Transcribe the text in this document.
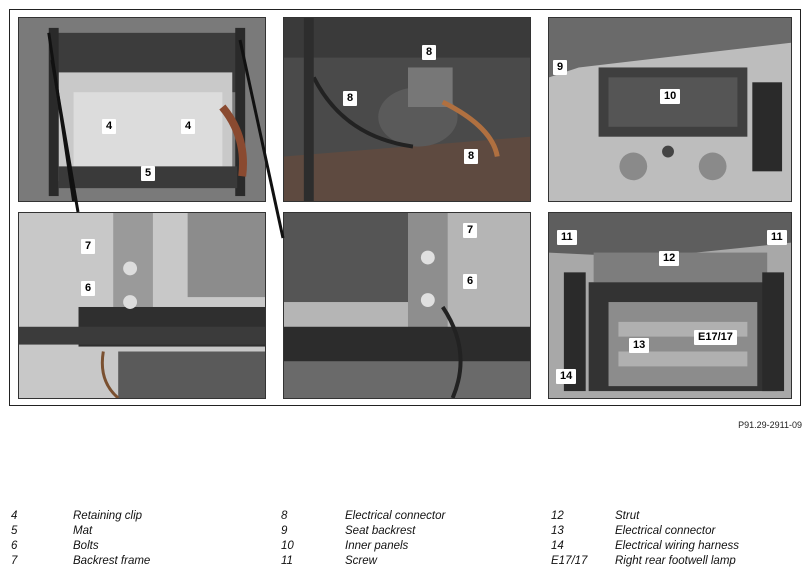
4	4
5
8
8
8
9
10
7
6
7
6
11	11
12
13
E17/17
14
P91.29-2911-09
4	Retaining clip
5	Mat
6	Bolts
7	Backrest frame
8	Electrical connector
9	Seat backrest
10	Inner panels
11	Screw
12	Strut
13	Electrical connector
14	Electrical wiring harness
E17/17 Right rear footwell lamp
